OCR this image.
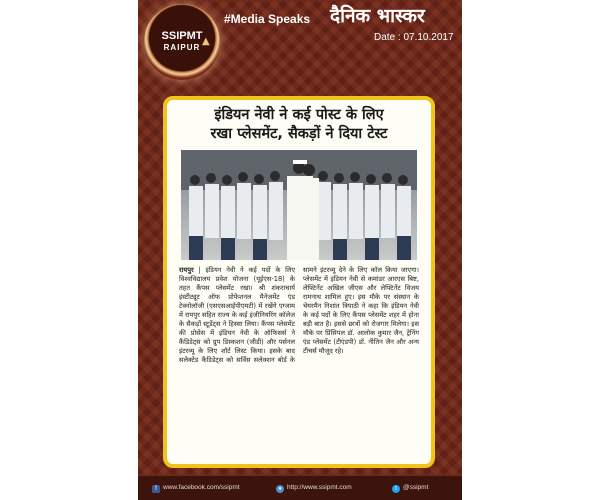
SSIPMT
RAIPUR
▲
#Media Speaks दैनिक भास्कर
Date : 07.10.2017
इंडियन नेवी ने कई पोस्ट के लिए
रखा प्लेसमेंट, सैकड़ों ने दिया टेस्ट
रायपुर | इंडियन नेवी ने कई पदों के लिए विश्वविद्यालय प्रवेश योजना (यूईएस-18) के तहत कैंपस प्लेसमेंट रखा। श्री शंकराचार्य इंस्टीट्यूट ऑफ प्रोफेशनल मैनेजमेंट एंड टेक्नोलॉजी (एसएसआईपीएमटी) में रखेंगे एग्जाम में रायपुर सहित राज्य के कई इंजीनियरिंग कॉलेज के सैकड़ों स्टूडेंट्स ने हिस्सा लिया। कैंपस प्लेसमेंट की प्रोसेस में इंडियन नेवी के ऑफिसर्स ने कैंडिडेट्स को ग्रुप डिस्कशन (जीडी) और पर्सनल इंटरव्यू के लिए शॉर्ट लिस्ट किया। इसके बाद सलेक्टेड कैंडिडेट्स को सर्विस सलेक्शन बोर्ड के सामने इंटरव्यू देने के लिए कॉल किया जाएगा। प्लेसमेंट में इंडियन नेवी से कमांडर आरएस बिष्ट, लेफ्टिनेंट अखिल जीएस और लेफ्टिनेंट विजय रामनाथ शामिल हुए। इस मौके पर संस्थान के चेयरमैन निशांत त्रिपाठी ने कहा कि इंडियन नेवी के कई पदों के लिए कैंपस प्लेसमेंट शहर में होना बड़ी बात है। इससे छात्रों को रोजगार मिलेगा। इस मौके पर प्रिंसिपल डॉ. आलोक कुमार जैन, ट्रेनिंग एंड प्लेसमेंट (टीएंडपी) डॉ. नीतिन जैन और अन्य टीचर्स मौजूद रहे।
f www.facebook.com/ssipmt	● http://www.ssipmt.com	t @ssipmt
